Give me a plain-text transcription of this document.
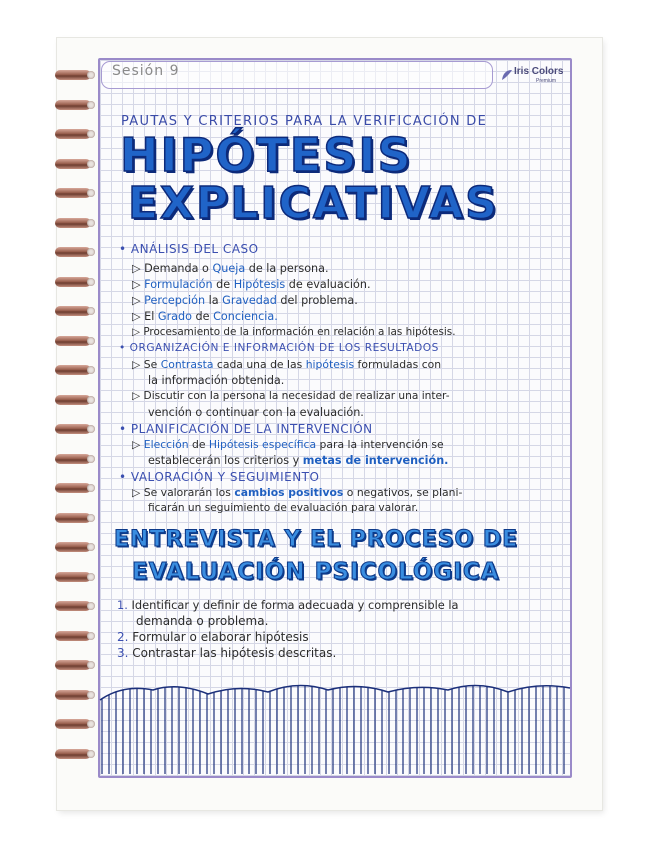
Sesión 9	Iris Colors
Premium
PAUTAS Y CRITERIOS PARA LA VERIFICACIÓN DE
HIPÓTESIS
EXPLICATIVAS
• ANÁLISIS DEL CASO
▷ Demanda o Queja de la persona.
▷ Formulación de Hipótesis de evaluación.
▷ Percepción la Gravedad del problema.
▷ El Grado de Conciencia.
▷ Procesamiento de la información en relación a las hipótesis.
• ORGANIZACIÓN E INFORMACIÓN DE LOS RESULTADOS
▷ Se Contrasta cada una de las hipótesis formuladas con
la información obtenida.
▷ Discutir con la persona la necesidad de realizar una inter-
vención o continuar con la evaluación.
• PLANIFICACIÓN DE LA INTERVENCIÓN
▷ Elección de Hipótesis específica para la intervención se
establecerán los criterios y metas de intervención.
• VALORACIÓN Y SEGUIMIENTO
▷ Se valorarán los cambios positivos o negativos, se plani-
ficarán un seguimiento de evaluación para valorar.
ENTREVISTA Y EL PROCESO DE
EVALUACIÓN PSICOLÓGICA
1. Identificar y definir de forma adecuada y comprensible la
demanda o problema.
2. Formular o elaborar hipótesis
3. Contrastar las hipótesis descritas.
